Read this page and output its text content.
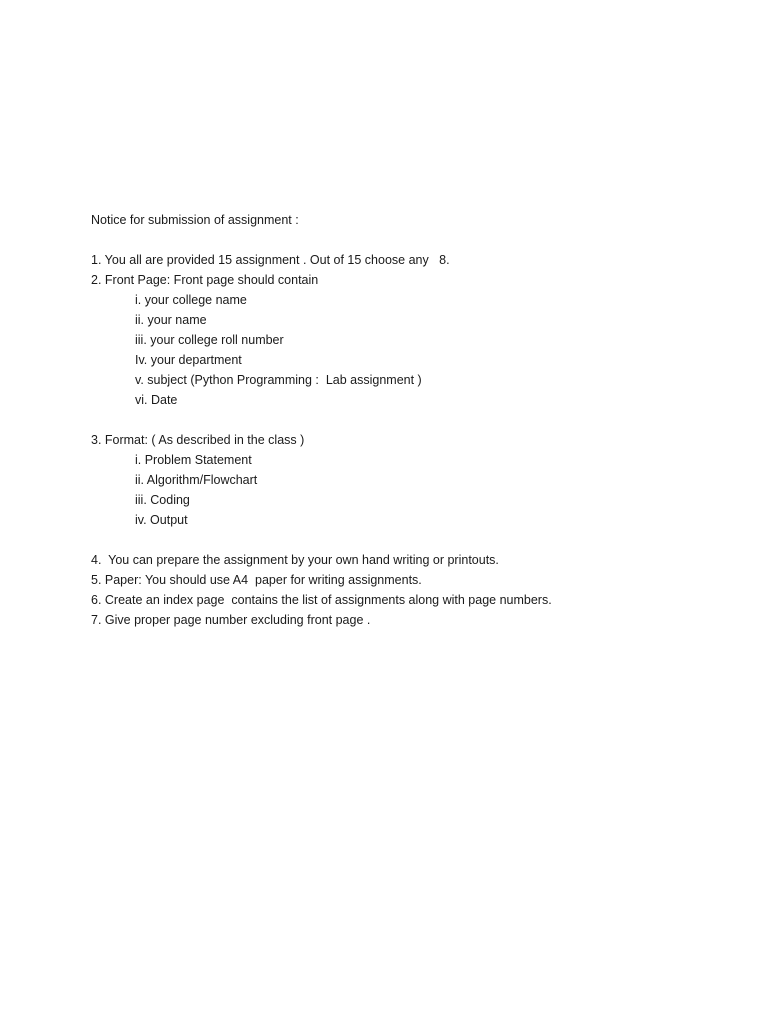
Notice for submission of assignment :
1. You all are provided 15 assignment . Out of 15 choose any   8.
2. Front Page: Front page should contain
i. your college name
ii. your name
iii. your college roll number
Iv. your department
v. subject (Python Programming :  Lab assignment )
vi. Date
3. Format: ( As described in the class )
i. Problem Statement
ii. Algorithm/Flowchart
iii. Coding
iv. Output
4.  You can prepare the assignment by your own hand writing or printouts.
5. Paper: You should use A4  paper for writing assignments.
6. Create an index page  contains the list of assignments along with page numbers.
7. Give proper page number excluding front page .
